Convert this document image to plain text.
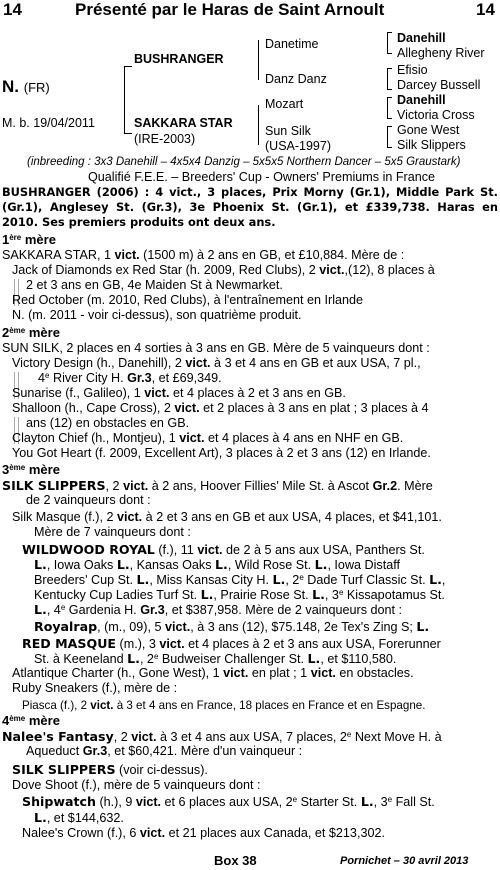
14	Présenté par le Haras de Saint Arnoult	14
N. (FR)
M. b. 19/04/2011
BUSHRANGER
SAKKARA STAR
(IRE-2003)
Danetime
Danz Danz
Mozart
Sun Silk
(USA-1997)
Danehill
Allegheny River
Efisio
Darcey Bussell
Danehill
Victoria Cross
Gone West
Silk Slippers
(inbreeding : 3x3 Danehill – 4x5x4 Danzig – 5x5x5 Northern Dancer – 5x5 Graustark)
Qualifié F.E.E. – Breeders' Cup - Owners' Premiums in France
BUSHRANGER (2006) : 4 vict., 3 places, Prix Morny (Gr.1), Middle Park St. (Gr.1), Anglesey St. (Gr.3), 3e Phoenix St. (Gr.1), et £339,738. Haras en 2010. Ses premiers produits ont deux ans.
1ère mère
SAKKARA STAR, 1 vict. (1500 m) à 2 ans en GB, et £10,884. Mère de :
Jack of Diamonds ex Red Star (h. 2009, Red Clubs), 2 vict.,(12), 8 places à
2 et 3 ans en GB, 4e Maiden St à Newmarket.
Red October (m. 2010, Red Clubs), à l'entraînement en Irlande
N. (m. 2011 - voir ci-dessus), son quatrième produit.
2ème mère
SUN SILK, 2 places en 4 sorties à 3 ans en GB. Mère de 5 vainqueurs dont :
Victory Design (h., Danehill), 2 vict. à 3 et 4 ans en GB et aux USA, 7 pl.,
4e River City H. Gr.3, et £69,349.
Sunarise (f., Galileo), 1 vict. et 4 places à 2 et 3 ans en GB.
Shalloon (h., Cape Cross), 2 vict. et 2 places à 3 ans en plat ; 3 places à 4
ans (12) en obstacles en GB.
Clayton Chief (h., Montjeu), 1 vict. et 4 places à 4 ans en NHF en GB.
You Got Heart (f. 2009, Excellent Art), 3 places à 2 et 3 ans (12) en Irlande.
3ème mère
SILK SLIPPERS, 2 vict. à 2 ans, Hoover Fillies' Mile St. à Ascot Gr.2. Mère
de 2 vainqueurs dont :
Silk Masque (f.), 2 vict. à 2 et 3 ans en GB et aux USA, 4 places, et $41,101.
Mère de 7 vainqueurs dont :
WILDWOOD ROYAL (f.), 11 vict. de 2 à 5 ans aux USA, Panthers St.
L., Iowa Oaks L., Kansas Oaks L., Wild Rose St. L., Iowa Distaff
Breeders' Cup St. L., Miss Kansas City H. L., 2e Dade Turf Classic St. L.,
Kentucky Cup Ladies Turf St. L., Prairie Rose St. L., 3e Kissapotamus St.
L., 4e Gardenia H. Gr.3, et $387,958. Mère de 2 vainqueurs dont :
Royalrap, (m., 09), 5 vict., à 3 ans (12), $75.148, 2e Tex's Zing S; L.
RED MASQUE (m.), 3 vict. et 4 places à 2 et 3 ans aux USA, Forerunner
St. à Keeneland L., 2e Budweiser Challenger St. L., et $110,580.
Atlantique Charter (h., Gone West), 1 vict. en plat ; 1 vict. en obstacles.
Ruby Sneakers (f.), mère de :
Piasca (f.), 2 vict. à 3 et 4 ans en France, 18 places en France et en Espagne.
4ème mère
Nalee's Fantasy, 2 vict. à 3 et 4 ans aux USA, 7 places, 2e Next Move H. à
Aqueduct Gr.3, et $60,421. Mère d'un vainqueur :
SILK SLIPPERS (voir ci-dessus).
Dove Shoot (f.), mère de 5 vainqueurs dont :
Shipwatch (h.), 9 vict. et 6 places aux USA, 2e Starter St. L., 3e Fall St.
L., et $144,632.
Nalee's Crown (f.), 6 vict. et 21 places aux Canada, et $213,302.
Box 38	Pornichet – 30 avril 2013
